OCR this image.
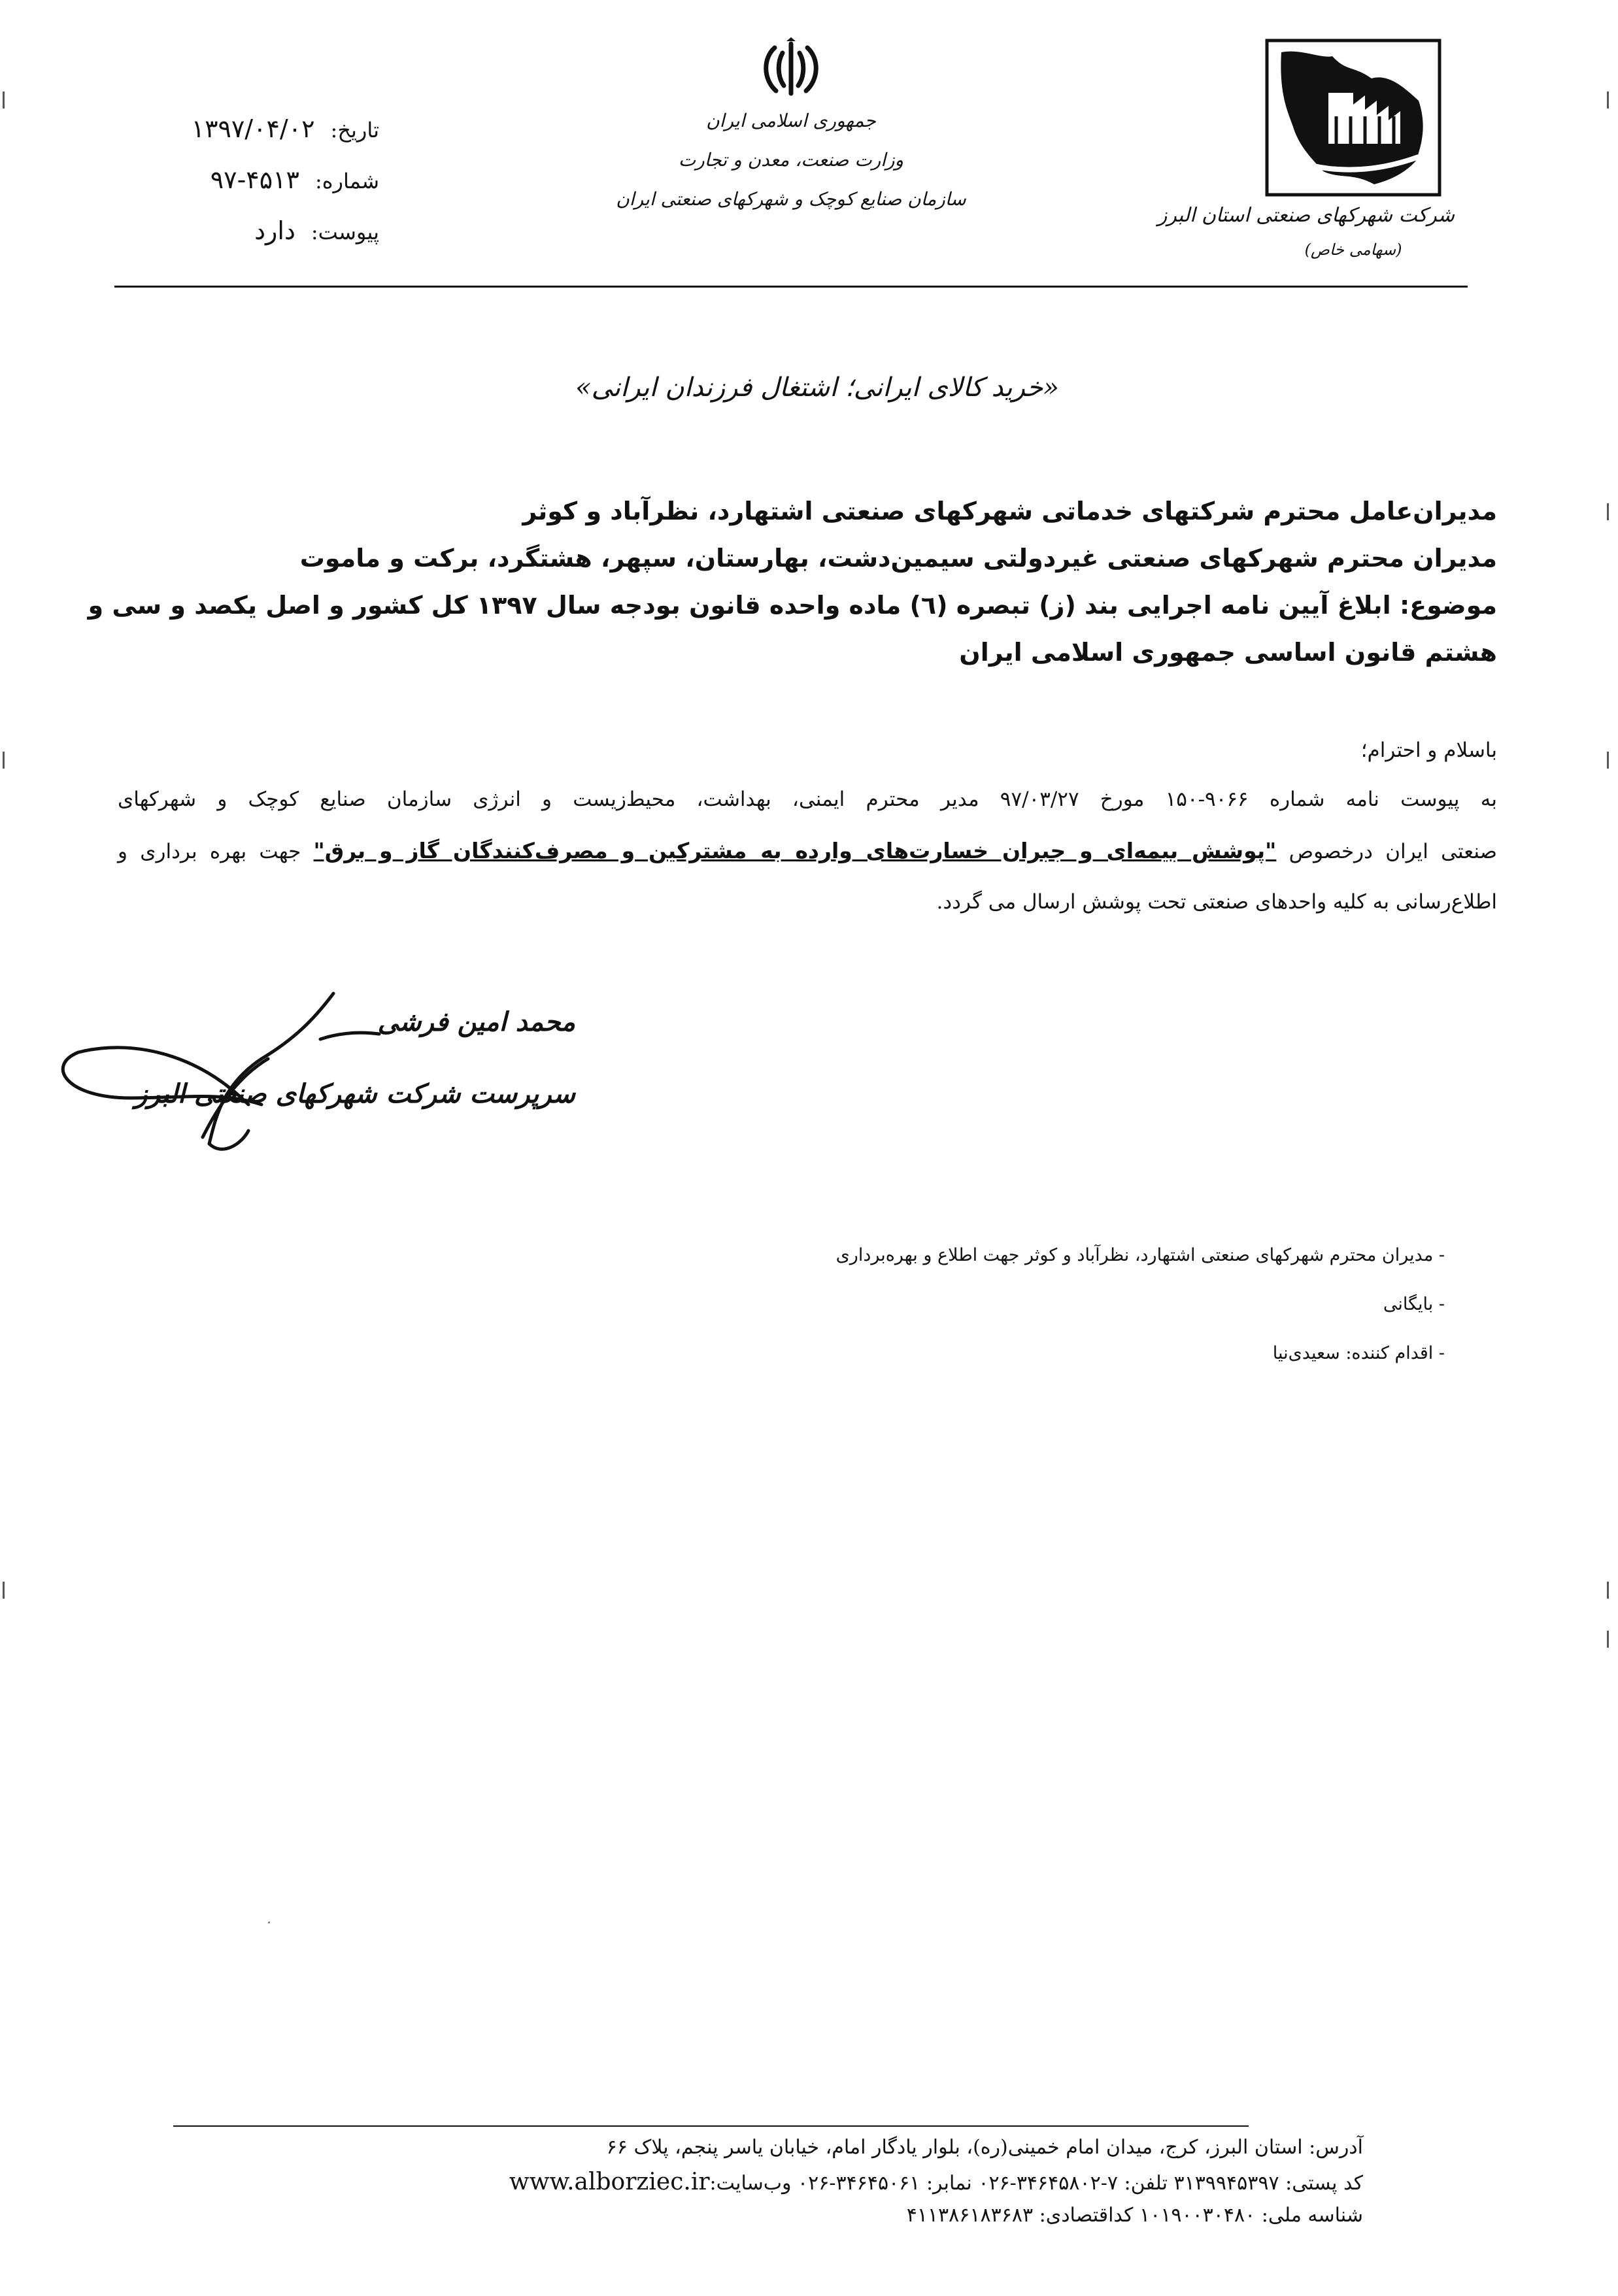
شرکت شهرکهای صنعتی استان البرز
(سهامی خاص)
جمهوری اسلامی ایران
وزارت صنعت، معدن و تجارت
سازمان صنایع کوچک و شهرکهای صنعتی ایران
تاریخ:
۱۳۹۷/۰۴/۰۲
شماره:
۹۷-۴۵۱۳
پیوست:
دارد
«خرید کالای ایرانی؛ اشتغال فرزندان ایرانی»
مدیران‌عامل محترم شرکتهای خدماتی شهرکهای صنعتی اشتهارد، نظرآباد و کوثر
مدیران محترم شهرکهای صنعتی غیردولتی سیمین‌دشت، بهارستان، سپهر، هشتگرد، برکت و ماموت
موضوع: ابلاغ آیین نامه اجرایی بند (ز) تبصره (٦) ماده واحده قانون بودجه سال ۱۳۹۷ کل کشور و اصل یکصد و سی و
هشتم قانون اساسی جمهوری اسلامی ایران
باسلام و احترام؛
به پیوست نامه شماره ۹۰۶۶-۱۵۰ مورخ ۹۷/۰۳/۲۷ مدیر محترم ایمنی، بهداشت، محیط‌زیست و انرژی سازمان صنایع کوچک و شهرکهای
صنعتی ایران درخصوص "پوشش بیمه‌ای و جبران خسارت‌های وارده به مشترکین و مصرف‌کنندگان گاز و برق" جهت بهره برداری و
اطلاع‌رسانی به کلیه واحدهای صنعتی تحت پوشش ارسال می گردد.
محمد امین فرشی
سرپرست شرکت شهرکهای صنعتی البرز
- مدیران محترم شهرکهای صنعتی اشتهارد، نظرآباد و کوثر جهت اطلاع و بهره‌برداری
- بایگانی
- اقدام کننده: سعیدی‌نیا
آدرس: استان البرز، کرج، میدان امام خمینی(ره)، بلوار یادگار امام، خیابان یاسر پنجم، پلاک ۶۶
کد پستی: ۳۱۳۹۹۴۵۳۹۷ تلفن: ۷-۳۴۶۴۵۸۰۲-۰۲۶ نمابر: ۳۴۶۴۵۰۶۱-۰۲۶ وب‌سایت:www.alborziec.ir
شناسه ملی: ۱۰۱۹۰۰۳۰۴۸۰ کداقتصادی: ۴۱۱۳۸۶۱۸۳۶۸۳
